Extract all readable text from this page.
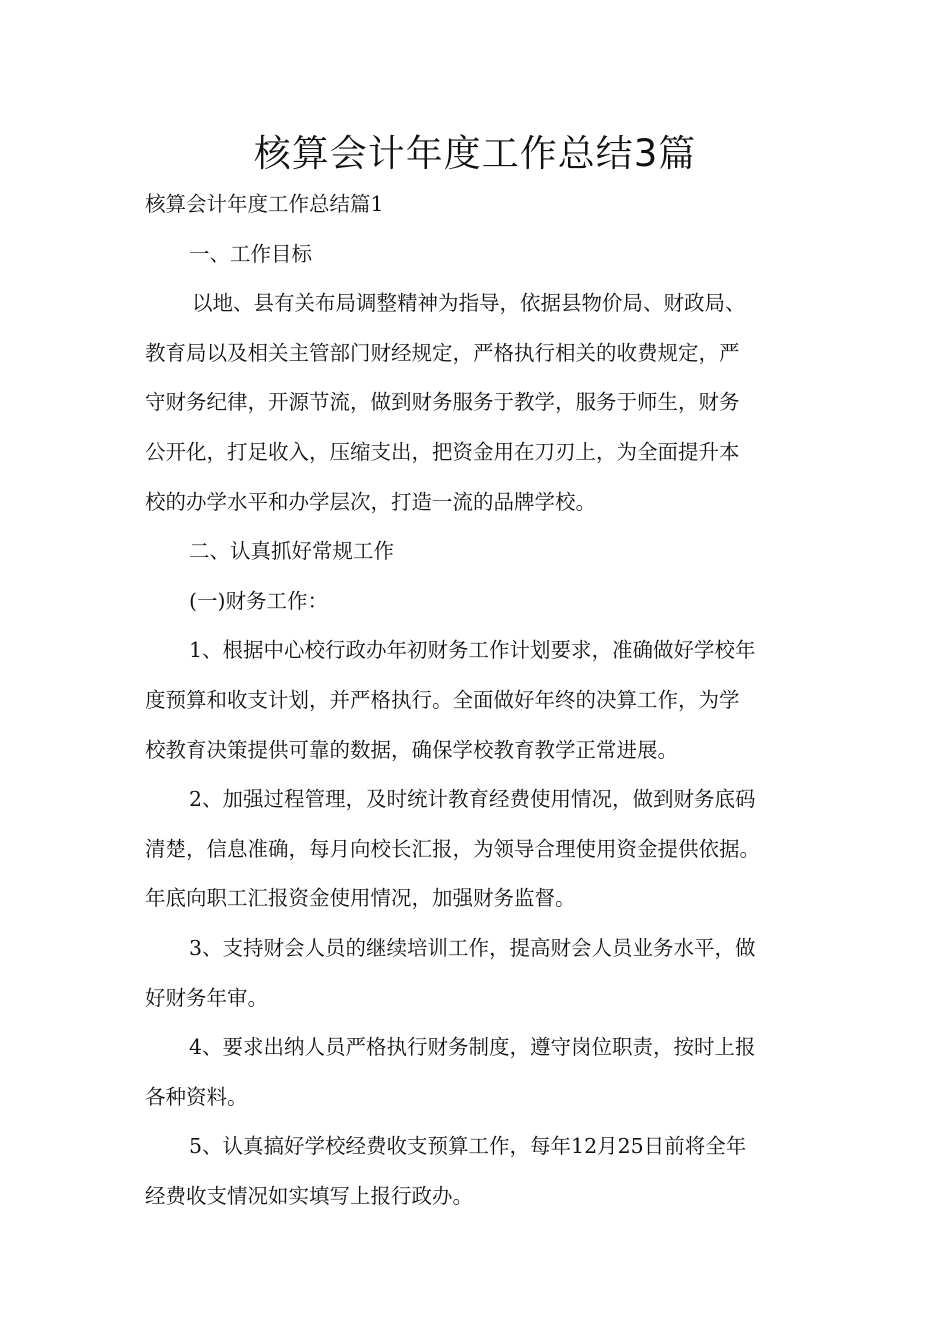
核算会计年度工作总结3篇

核算会计年度工作总结篇1

一、工作目标

以地、县有关布局调整精神为指导，依据县物价局、财政局、

教育局以及相关主管部门财经规定，严格执行相关的收费规定，严

守财务纪律，开源节流，做到财务服务于教学，服务于师生，财务

公开化，打足收入，压缩支出，把资金用在刀刃上，为全面提升本

校的办学水平和办学层次，打造一流的品牌学校。

二、认真抓好常规工作

(一)财务工作：

1、根据中心校行政办年初财务工作计划要求，准确做好学校年

度预算和收支计划，并严格执行。全面做好年终的决算工作，为学

校教育决策提供可靠的数据，确保学校教育教学正常进展。

2、加强过程管理，及时统计教育经费使用情况，做到财务底码

清楚，信息准确，每月向校长汇报，为领导合理使用资金提供依据。

年底向职工汇报资金使用情况，加强财务监督。

3、支持财会人员的继续培训工作，提高财会人员业务水平，做

好财务年审。

4、要求出纳人员严格执行财务制度，遵守岗位职责，按时上报

各种资料。

5、认真搞好学校经费收支预算工作，每年12月25日前将全年

经费收支情况如实填写上报行政办。
